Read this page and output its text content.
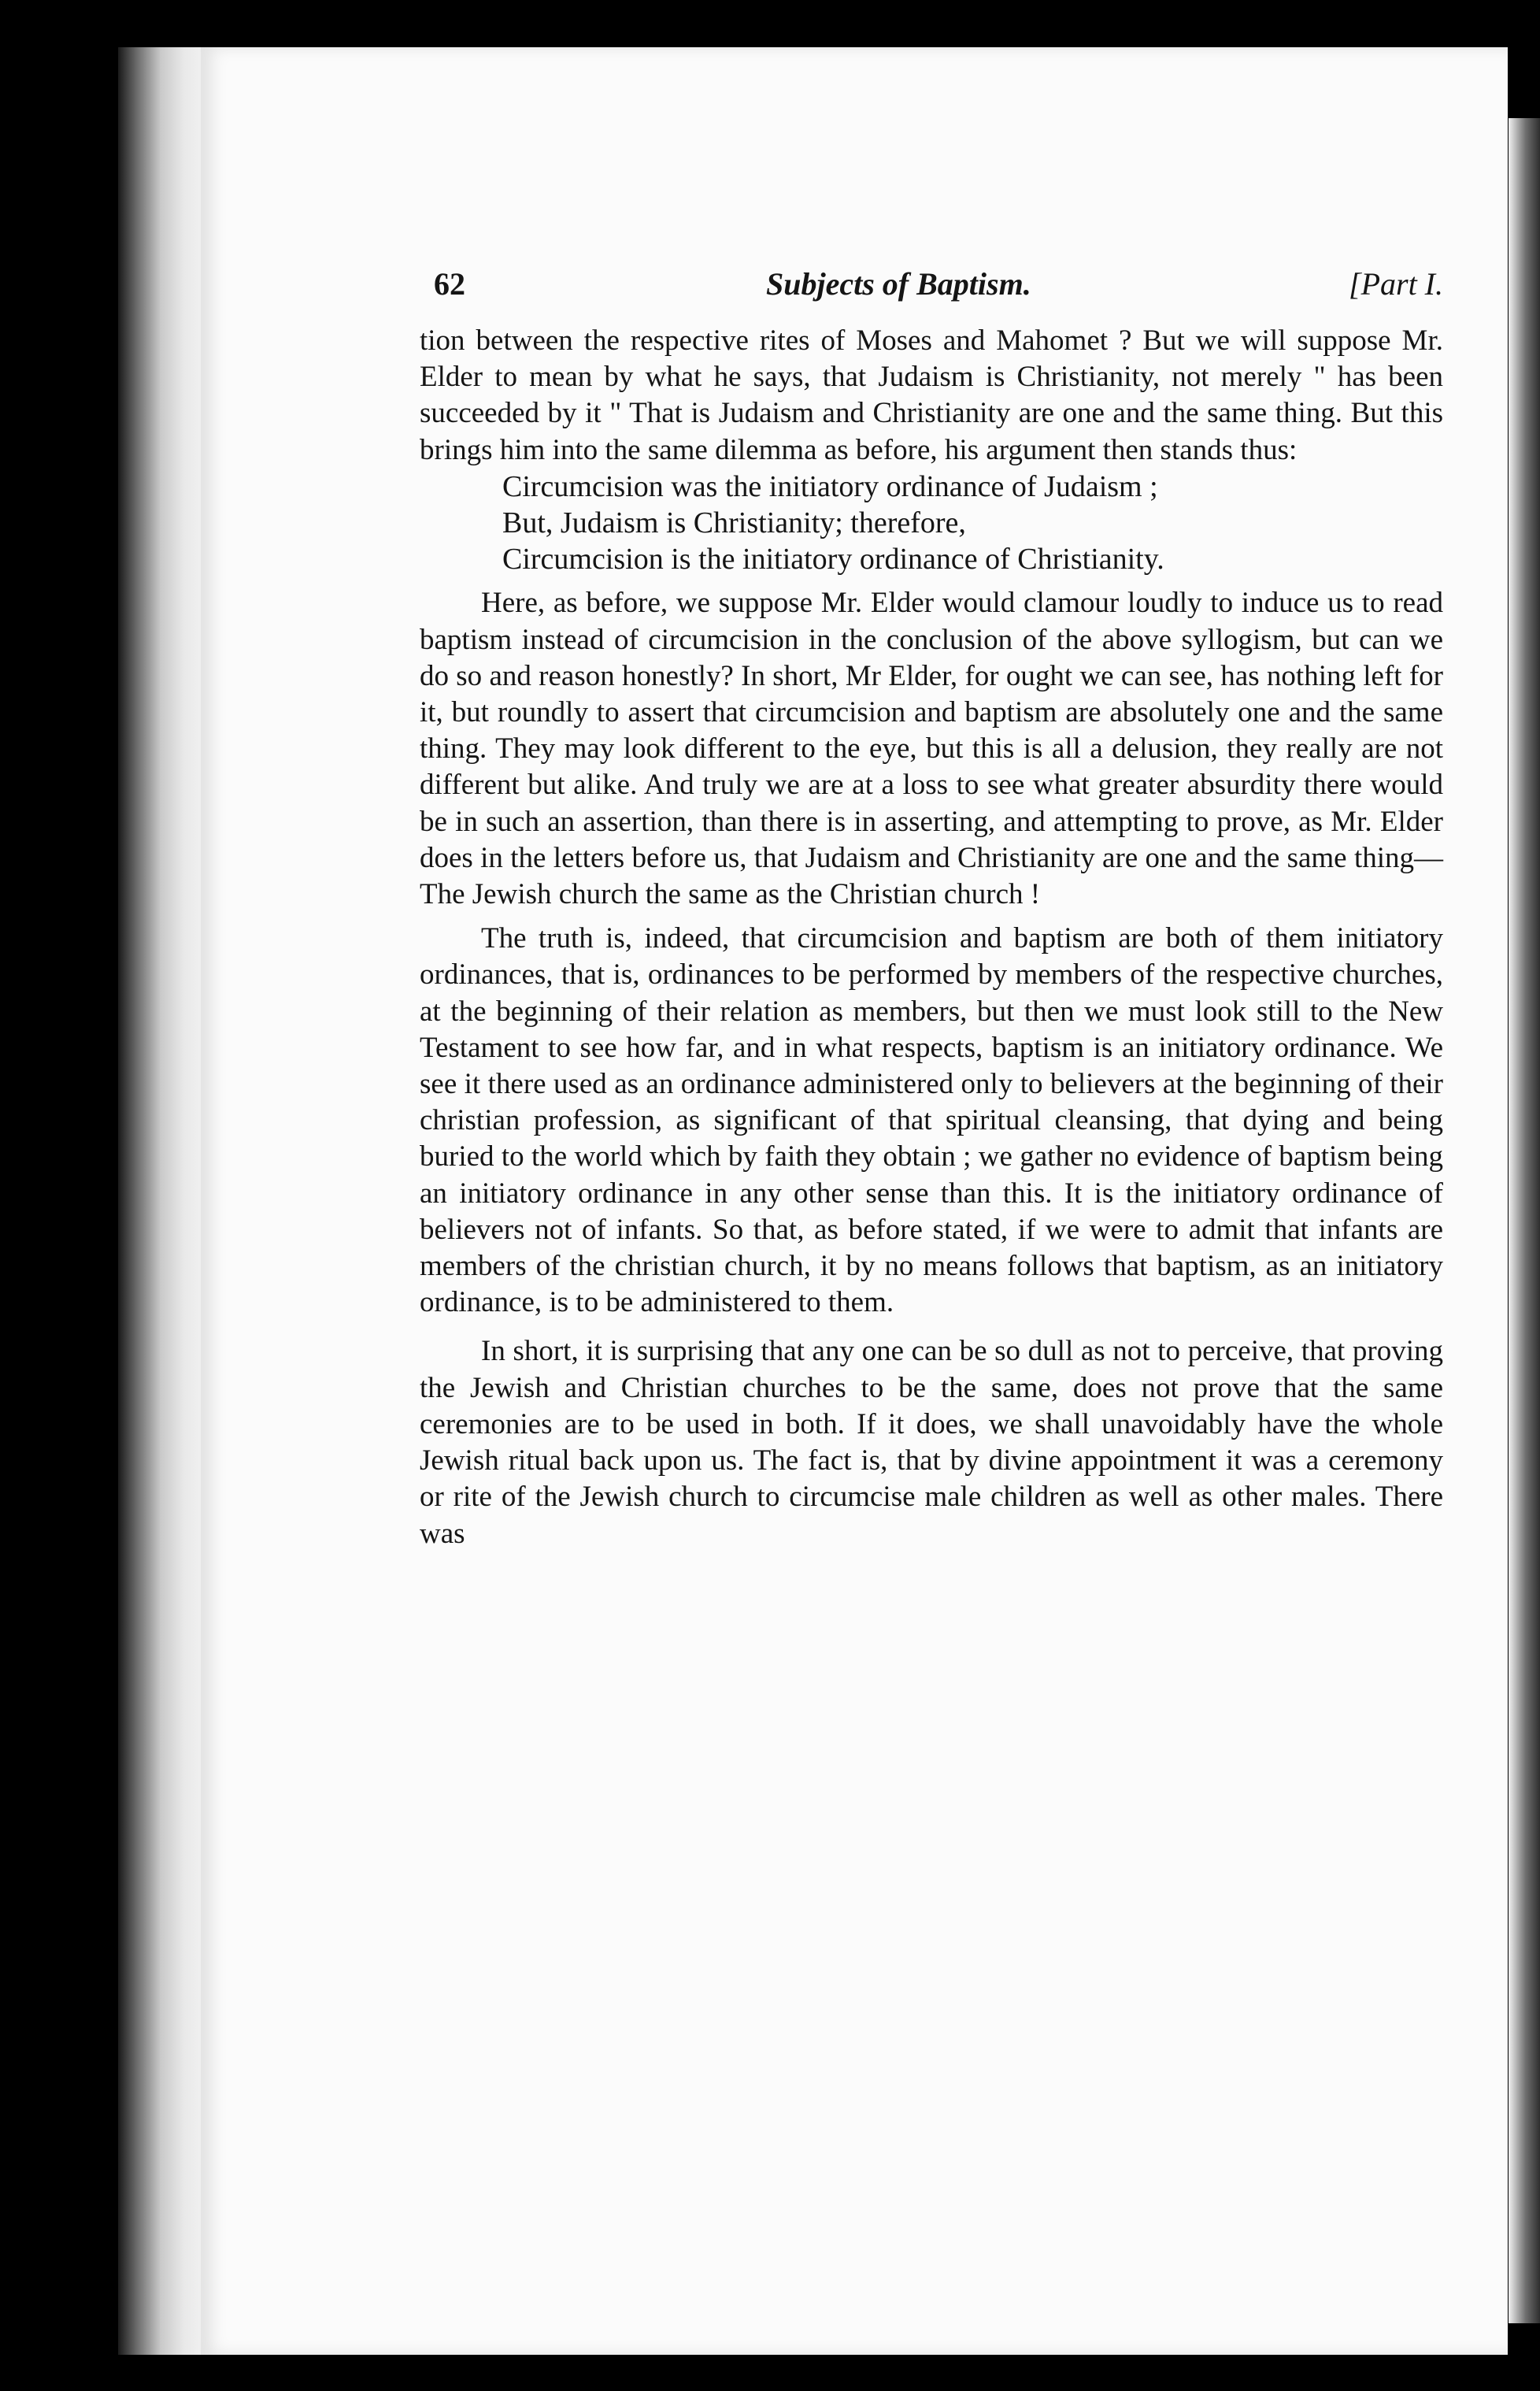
62	Subjects of Baptism.	[Part I.

tion between the respective rites of Moses and Mahomet ? But we will suppose Mr. Elder to mean by what he says, that Judaism is Christianity, not merely " has been succeeded by it " That is Judaism and Christianity are one and the same thing. But this brings him into the same dilemma as before, his argument then stands thus:

Circumcision was the initiatory ordinance of Judaism ;
But, Judaism is Christianity; therefore,
Circumcision is the initiatory ordinance of Christianity.

Here, as before, we suppose Mr. Elder would clamour loudly to induce us to read baptism instead of circumcision in the conclusion of the above syllogism, but can we do so and reason honestly? In short, Mr Elder, for ought we can see, has nothing left for it, but roundly to assert that circumcision and baptism are absolutely one and the same thing. They may look different to the eye, but this is all a delusion, they really are not different but alike. And truly we are at a loss to see what greater absurdity there would be in such an assertion, than there is in asserting, and attempting to prove, as Mr. Elder does in the letters before us, that Judaism and Christianity are one and the same thing—The Jewish church the same as the Christian church !

The truth is, indeed, that circumcision and baptism are both of them initiatory ordinances, that is, ordinances to be performed by members of the respective churches, at the beginning of their relation as members, but then we must look still to the New Testament to see how far, and in what respects, baptism is an initiatory ordinance. We see it there used as an ordinance administered only to believers at the beginning of their christian profession, as significant of that spiritual cleansing, that dying and being buried to the world which by faith they obtain ; we gather no evidence of baptism being an initiatory ordinance in any other sense than this. It is the initiatory ordinance of believers not of infants. So that, as before stated, if we were to admit that infants are members of the christian church, it by no means follows that baptism, as an initiatory ordinance, is to be administered to them.

In short, it is surprising that any one can be so dull as not to perceive, that proving the Jewish and Christian churches to be the same, does not prove that the same ceremonies are to be used in both. If it does, we shall unavoidably have the whole Jewish ritual back upon us. The fact is, that by divine appointment it was a ceremony or rite of the Jewish church to circumcise male children as well as other males. There was
